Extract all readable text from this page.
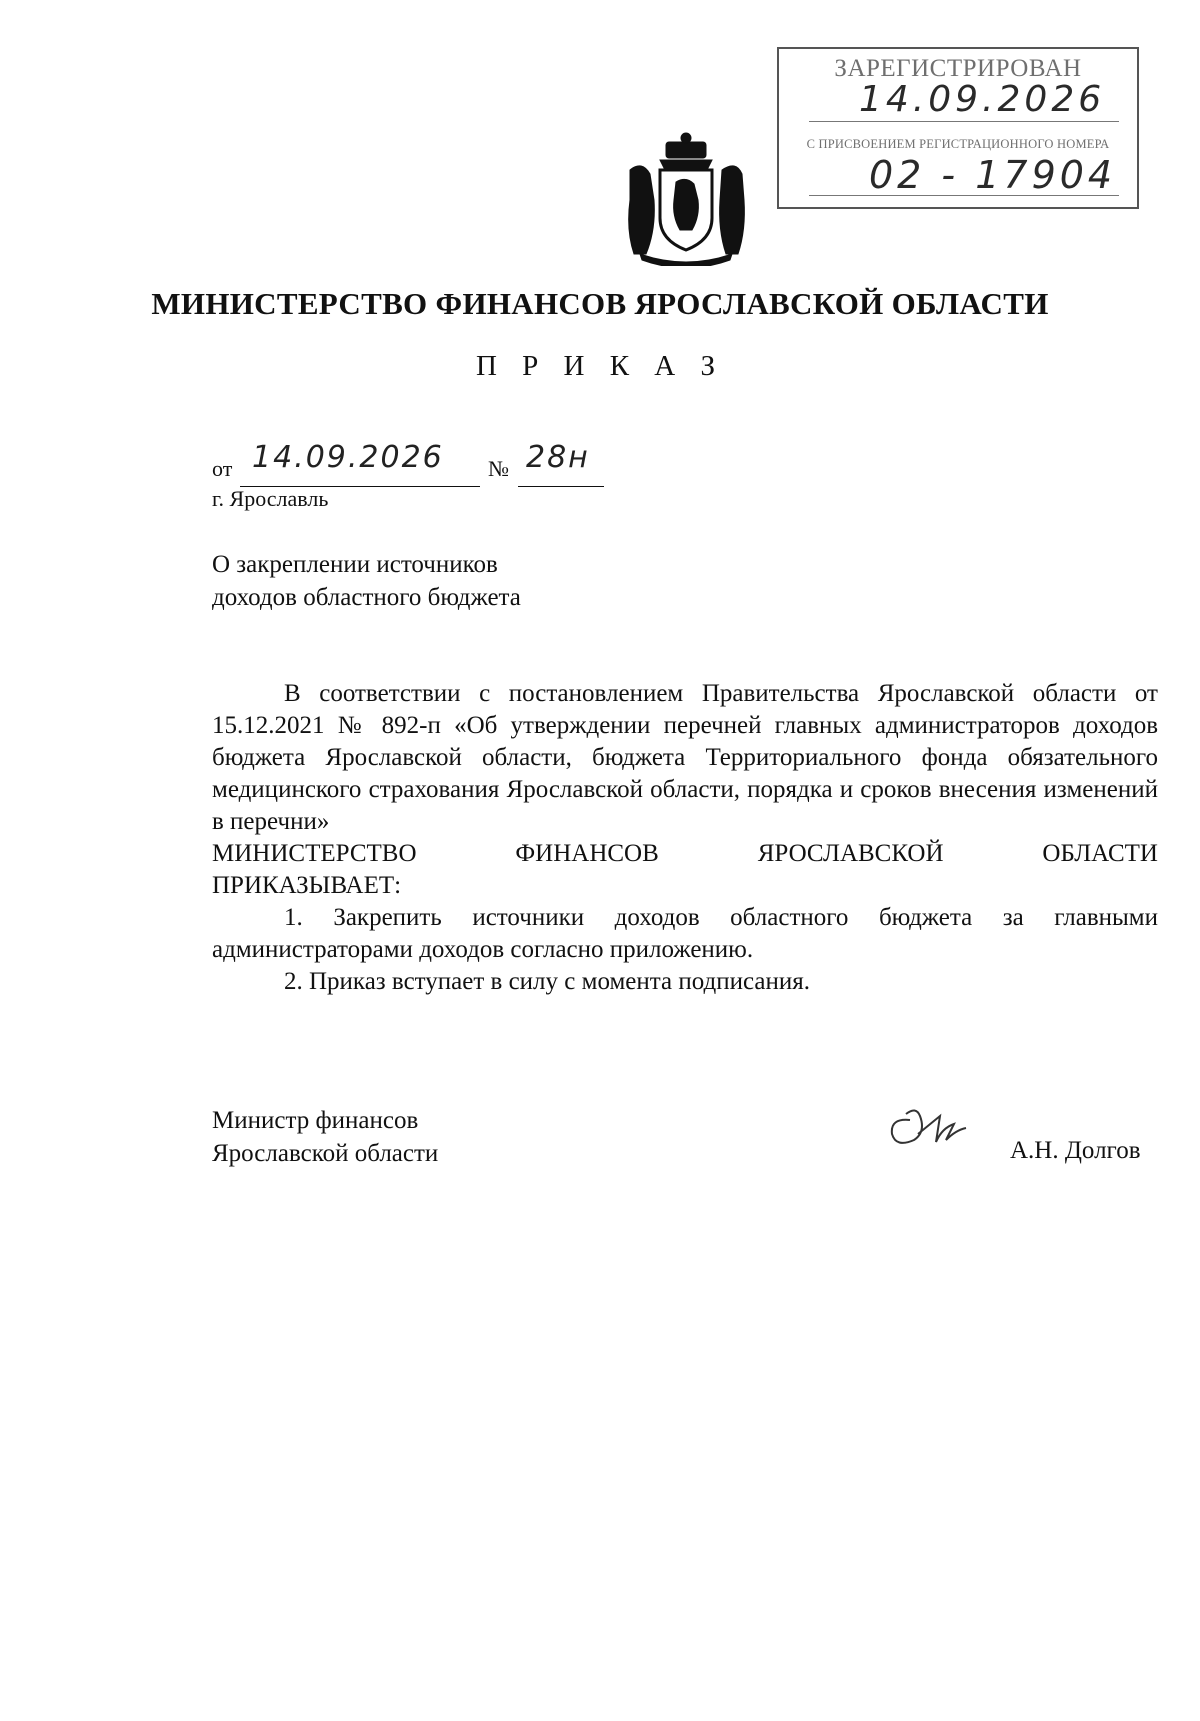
ЗАРЕГИСТРИРОВАН
14.09.2026
С ПРИСВОЕНИЕМ РЕГИСТРАЦИОННОГО НОМЕРА
02 - 17904
МИНИСТЕРСТВО ФИНАНСОВ ЯРОСЛАВСКОЙ ОБЛАСТИ
П Р И К А З
от 14.09.2026 № 28н
г. Ярославль
О закреплении источников
доходов областного бюджета
В соответствии с постановлением Правительства Ярославской области от 15.12.2021 № 892-п «Об утверждении перечней главных администраторов доходов бюджета Ярославской области, бюджета Территориального фонда обязательного медицинского страхования Ярославской области, порядка и сроков внесения изменений в перечни»
МИНИСТЕРСТВО	ФИНАНСОВ	ЯРОСЛАВСКОЙ	ОБЛАСТИ
ПРИКАЗЫВАЕТ:
1. Закрепить источники доходов областного бюджета за главными администраторами доходов согласно приложению.
2. Приказ вступает в силу с момента подписания.
Министр финансов
Ярославской области	А.Н. Долгов
